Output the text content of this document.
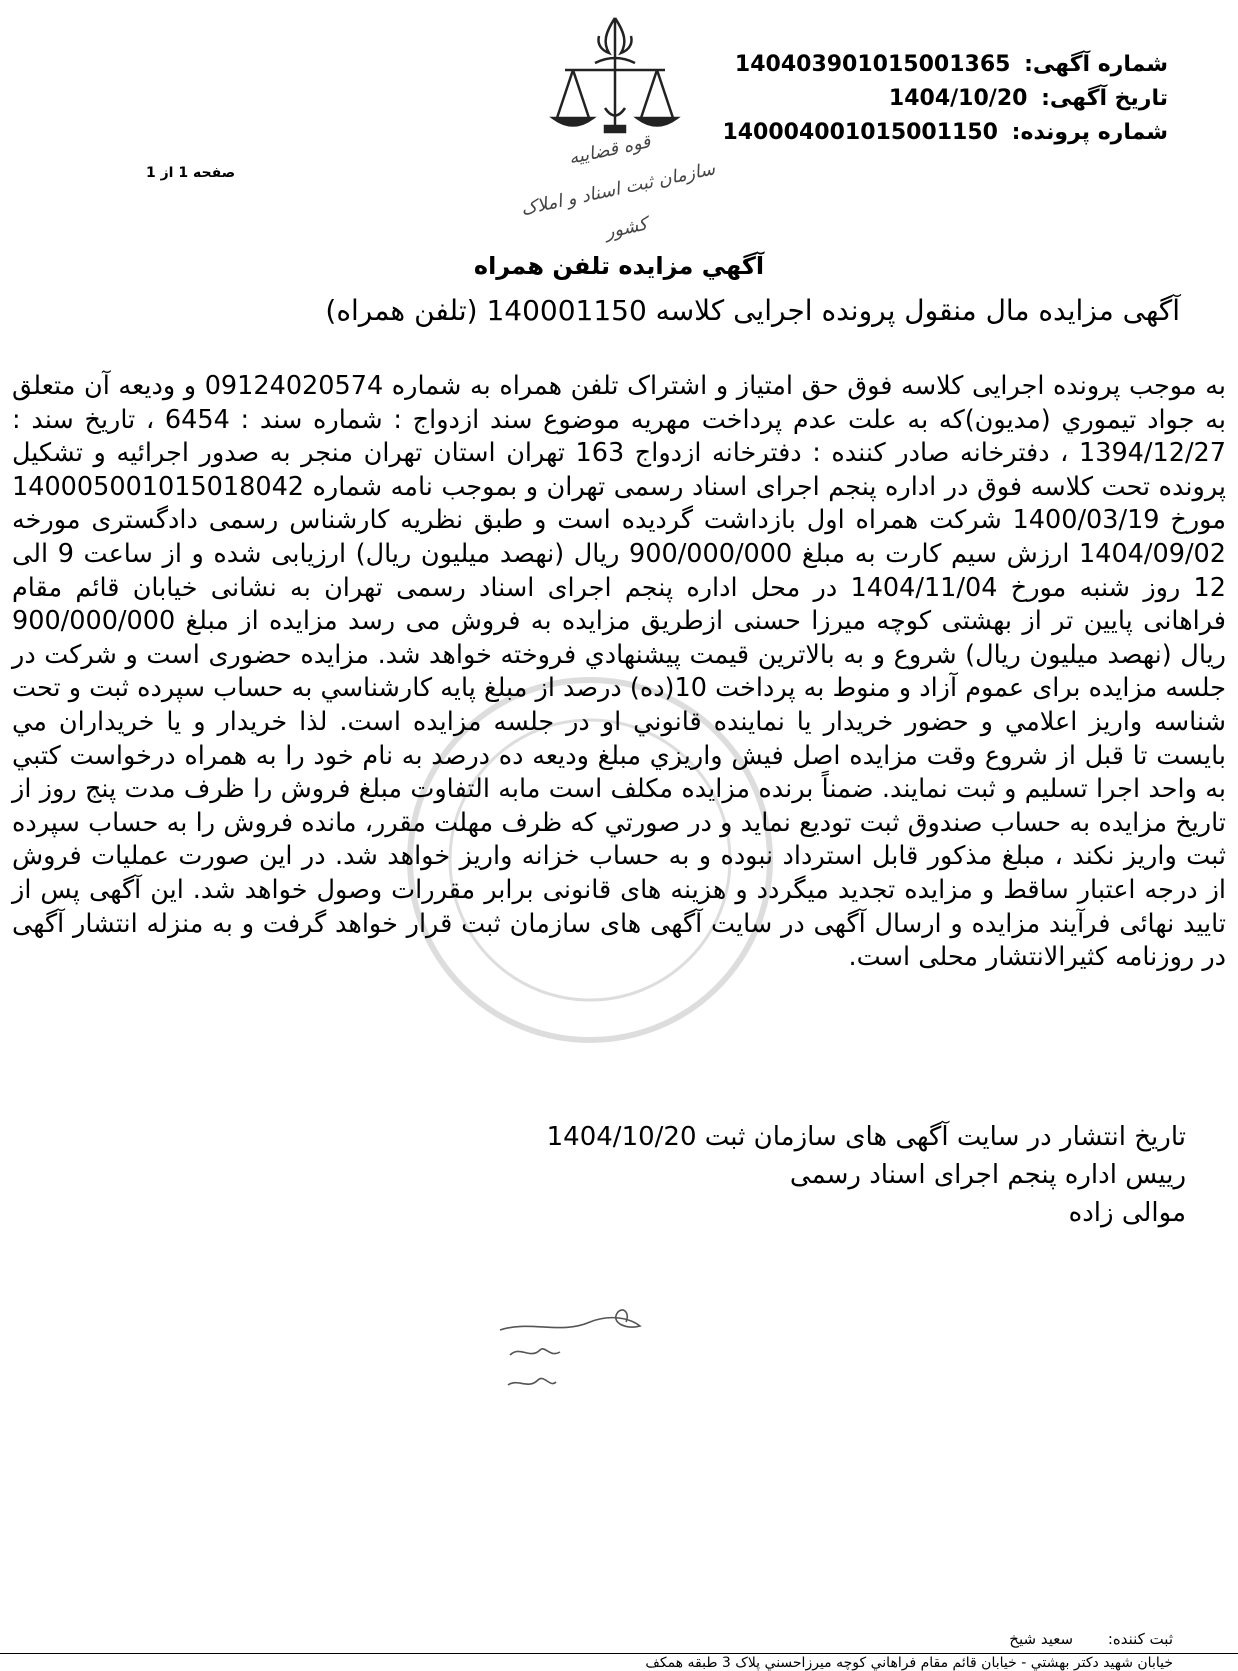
قوه قضاییه
سازمان ثبت اسناد و املاک کشور
شماره آگهی: 140403901015001365
تاریخ آگهی: 1404/10/20
شماره پرونده: 140004001015001150
صفحه 1 از 1
آگهي مزايده تلفن همراه
آگهی مزایده مال منقول پرونده اجرایی کلاسه 140001150 (تلفن همراه)
به موجب پرونده اجرایی کلاسه فوق حق امتیاز و اشتراک تلفن همراه به شماره 09124020574 و ودیعه آن متعلق به جواد تیموري (مدیون)که به علت عدم پرداخت مهریه موضوع سند ازدواج : شماره سند : 6454 ، تاریخ سند : 1394/12/27 ، دفترخانه صادر کننده : دفترخانه ازدواج 163 تهران استان تهران منجر به صدور اجرائیه و تشکیل پرونده تحت کلاسه فوق در اداره پنجم اجرای اسناد رسمی تهران و بموجب نامه شماره 140005001015018042 مورخ 1400/03/19 شرکت همراه اول بازداشت گردیده است و طبق نظریه کارشناس رسمی دادگستری مورخه 1404/09/02 ارزش سیم کارت به مبلغ 900/000/000 ریال (نهصد میلیون ریال) ارزیابی شده و از ساعت 9 الی 12 روز شنبه مورخ 1404/11/04 در محل اداره پنجم اجرای اسناد رسمی تهران به نشانی خیابان قائم مقام فراهانی پایین تر از بهشتی کوچه میرزا حسنی ازطریق مزایده به فروش می رسد مزایده از مبلغ 900/000/000 ریال (نهصد میلیون ریال) شروع و به بالاترین قیمت پیشنهادي فروخته خواهد شد. مزایده حضوری است و شرکت در جلسه مزایده برای عموم آزاد و منوط به پرداخت 10(ده) درصد از مبلغ پایه کارشناسي به حساب سپرده ثبت و تحت شناسه واریز اعلامي و حضور خریدار یا نماینده قانوني او در جلسه مزایده است. لذا خریدار و یا خریداران مي بایست تا قبل از شروع وقت مزایده اصل فیش واریزي مبلغ ودیعه ده درصد به نام خود را به همراه درخواست کتبي به واحد اجرا تسلیم و ثبت نمایند. ضمناً برنده مزایده مکلف است مابه التفاوت مبلغ فروش را ظرف مدت پنج روز از تاریخ مزایده به حساب صندوق ثبت تودیع نماید و در صورتي که ظرف مهلت مقرر، مانده فروش را به حساب سپرده ثبت واریز نکند ، مبلغ مذکور قابل استرداد نبوده و به حساب خزانه واریز خواهد شد. در این صورت عملیات فروش از درجه اعتبار ساقط و مزایده تجدید میگردد و هزینه های قانونی برابر مقررات وصول خواهد شد. این آگهی پس از تایید نهائی فرآیند مزایده و ارسال آگهی در سایت آگهی های سازمان ثبت قرار خواهد گرفت و به منزله انتشار آگهی در روزنامه کثیرالانتشار محلی است.
تاریخ انتشار در سایت آگهی های سازمان ثبت 1404/10/20
رییس اداره پنجم اجرای اسناد رسمی
موالی زاده
ثبت کننده: سعید شیخ
خیابان شهید دکتر بهشتي - خیابان قائم مقام فراهاني کوچه میرزاحسني پلاک 3 طبقه همکف
